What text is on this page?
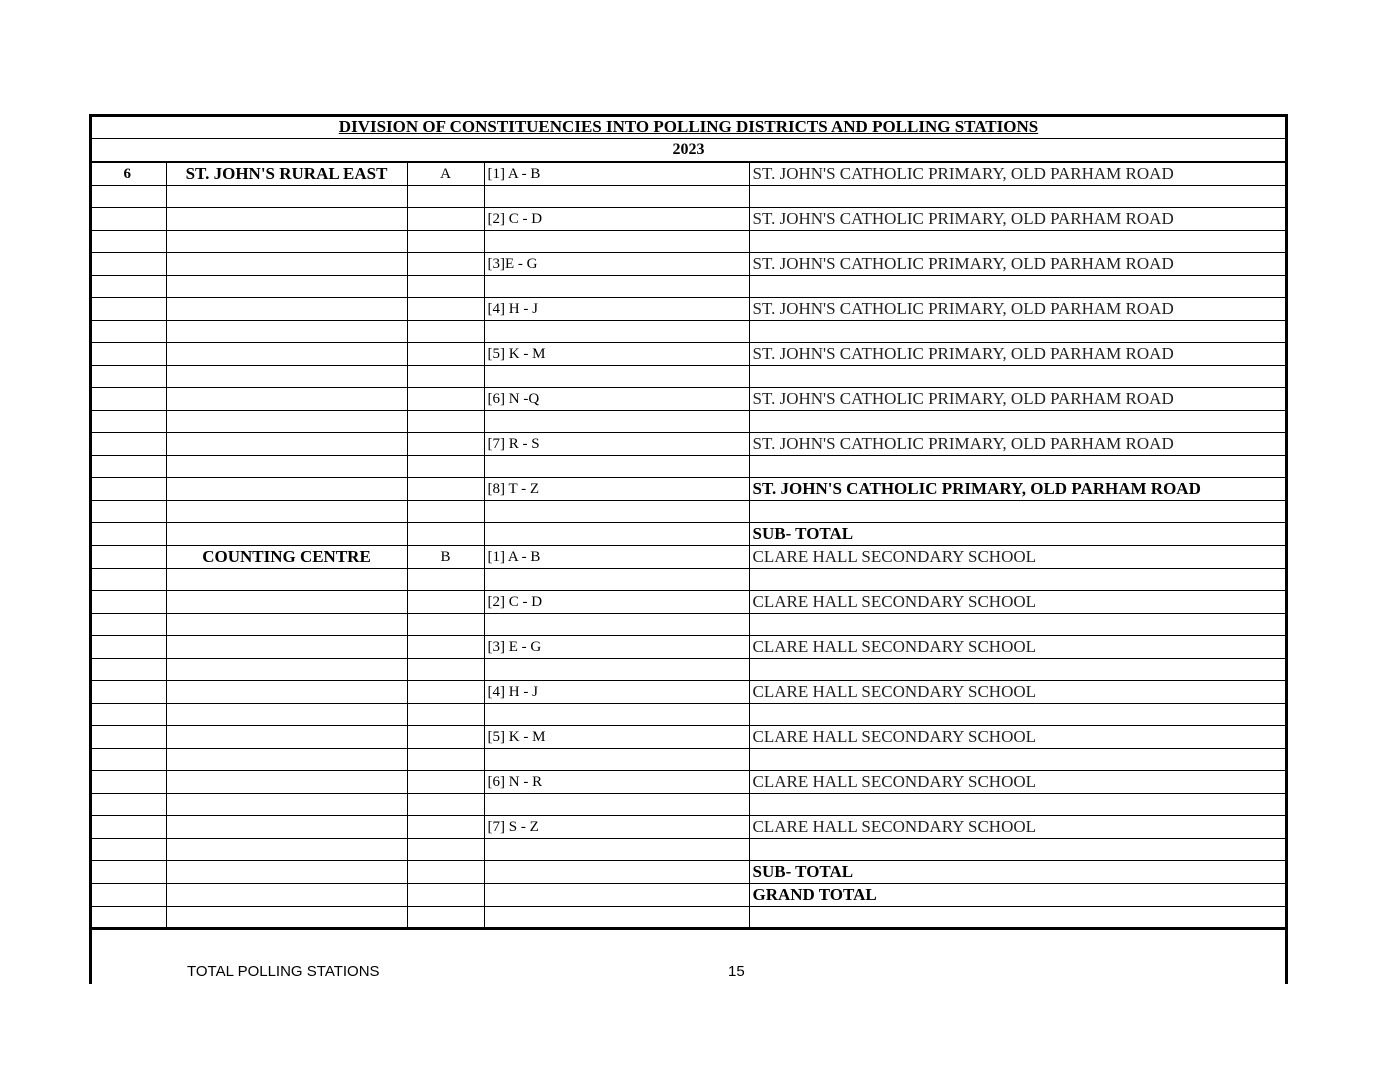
DIVISION OF CONSTITUENCIES INTO POLLING DISTRICTS AND POLLING STATIONS
2023
6	ST. JOHN'S RURAL EAST	A	[1] A - B	ST. JOHN'S CATHOLIC PRIMARY, OLD PARHAM ROAD

			[2] C - D	ST. JOHN'S CATHOLIC PRIMARY, OLD PARHAM ROAD

			[3]E - G	ST. JOHN'S CATHOLIC PRIMARY, OLD PARHAM ROAD

			[4] H - J	ST. JOHN'S CATHOLIC PRIMARY, OLD PARHAM ROAD

			[5] K - M	ST. JOHN'S CATHOLIC PRIMARY, OLD PARHAM ROAD

			[6] N -Q	ST. JOHN'S CATHOLIC PRIMARY, OLD PARHAM ROAD

			[7] R - S	ST. JOHN'S CATHOLIC PRIMARY, OLD PARHAM ROAD

			[8] T - Z	ST. JOHN'S CATHOLIC PRIMARY, OLD PARHAM ROAD

				SUB- TOTAL
	COUNTING CENTRE	B	[1] A - B	CLARE HALL SECONDARY SCHOOL

			[2] C - D	CLARE HALL SECONDARY SCHOOL

			[3] E - G	CLARE HALL SECONDARY SCHOOL

			[4] H - J	CLARE HALL SECONDARY SCHOOL

			[5] K - M	CLARE HALL SECONDARY SCHOOL

			[6] N - R	CLARE HALL SECONDARY SCHOOL

			[7] S - Z	CLARE HALL SECONDARY SCHOOL

				SUB- TOTAL
				GRAND TOTAL

TOTAL POLLING STATIONS	15
